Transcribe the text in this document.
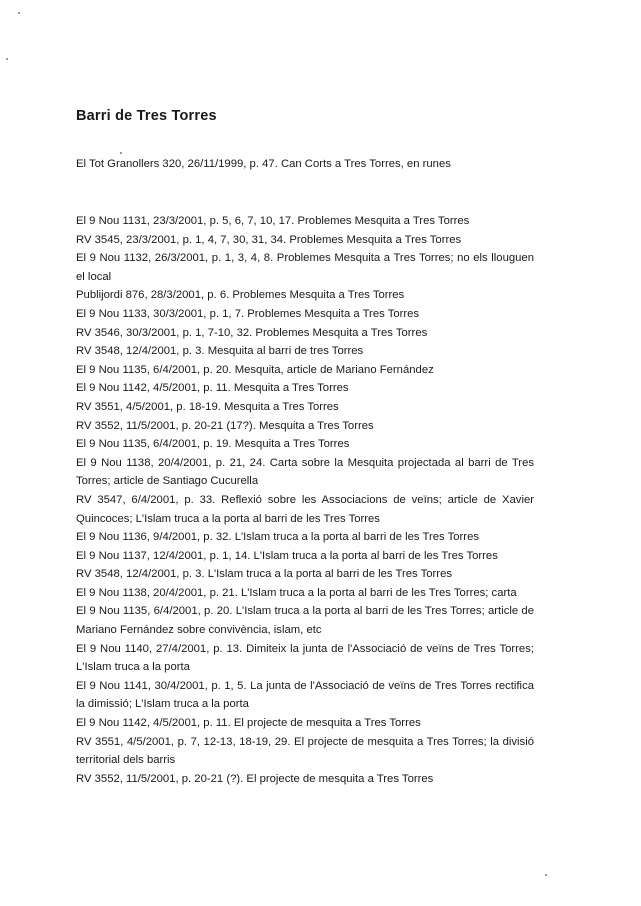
Barri de Tres Torres
El Tot Granollers 320, 26/11/1999, p. 47. Can Corts a Tres Torres, en runes
El 9 Nou 1131, 23/3/2001, p. 5, 6, 7, 10, 17. Problemes Mesquita a Tres Torres
RV 3545, 23/3/2001, p. 1, 4, 7, 30, 31, 34. Problemes Mesquita a Tres Torres
El 9 Nou 1132, 26/3/2001, p. 1, 3, 4, 8. Problemes Mesquita a Tres Torres; no els llouguen el local
Publijordi 876, 28/3/2001, p. 6. Problemes Mesquita a Tres Torres
El 9 Nou 1133, 30/3/2001, p. 1, 7. Problemes Mesquita a Tres Torres
RV 3546, 30/3/2001, p. 1, 7-10, 32. Problemes Mesquita a Tres Torres
RV 3548, 12/4/2001, p. 3. Mesquita al barri de tres Torres
El 9 Nou 1135, 6/4/2001, p. 20. Mesquita, article de Mariano Fernández
El 9 Nou 1142, 4/5/2001, p. 11. Mesquita a Tres Torres
RV 3551, 4/5/2001, p. 18-19. Mesquita a Tres Torres
RV 3552, 11/5/2001, p. 20-21 (17?). Mesquita a Tres Torres
El 9 Nou 1135, 6/4/2001, p. 19. Mesquita a Tres Torres
El 9 Nou 1138, 20/4/2001, p. 21, 24. Carta sobre la Mesquita projectada al barri de Tres Torres; article de Santiago Cucurella
RV 3547, 6/4/2001, p. 33. Reflexió sobre les Associacions de veïns; article de Xavier Quincoces; L'Islam truca a la porta al barri de les Tres Torres
El 9 Nou 1136, 9/4/2001, p. 32. L'Islam truca a la porta al barri de les Tres Torres
El 9 Nou 1137, 12/4/2001, p. 1, 14. L'Islam truca a la porta al barri de les Tres Torres
RV 3548, 12/4/2001, p. 3. L'Islam truca a la porta al barri de les Tres Torres
El 9 Nou 1138, 20/4/2001, p. 21. L'Islam truca a la porta al barri de les Tres Torres; carta
El 9 Nou 1135, 6/4/2001, p. 20. L'Islam truca a la porta al barri de les Tres Torres; article de Mariano Fernández sobre convivència, islam, etc
El 9 Nou 1140, 27/4/2001, p. 13. Dimiteix la junta de l'Associació de veïns de Tres Torres; L'Islam truca a la porta
El 9 Nou 1141, 30/4/2001, p. 1, 5. La junta de l'Associació de veïns de Tres Torres rectifica la dimissió; L'Islam truca a la porta
El 9 Nou 1142, 4/5/2001, p. 11. El projecte de mesquita a Tres Torres
RV 3551, 4/5/2001, p. 7, 12-13, 18-19, 29. El projecte de mesquita a Tres Torres; la divisió territorial dels barris
RV 3552, 11/5/2001, p. 20-21 (?). El projecte de mesquita a Tres Torres
